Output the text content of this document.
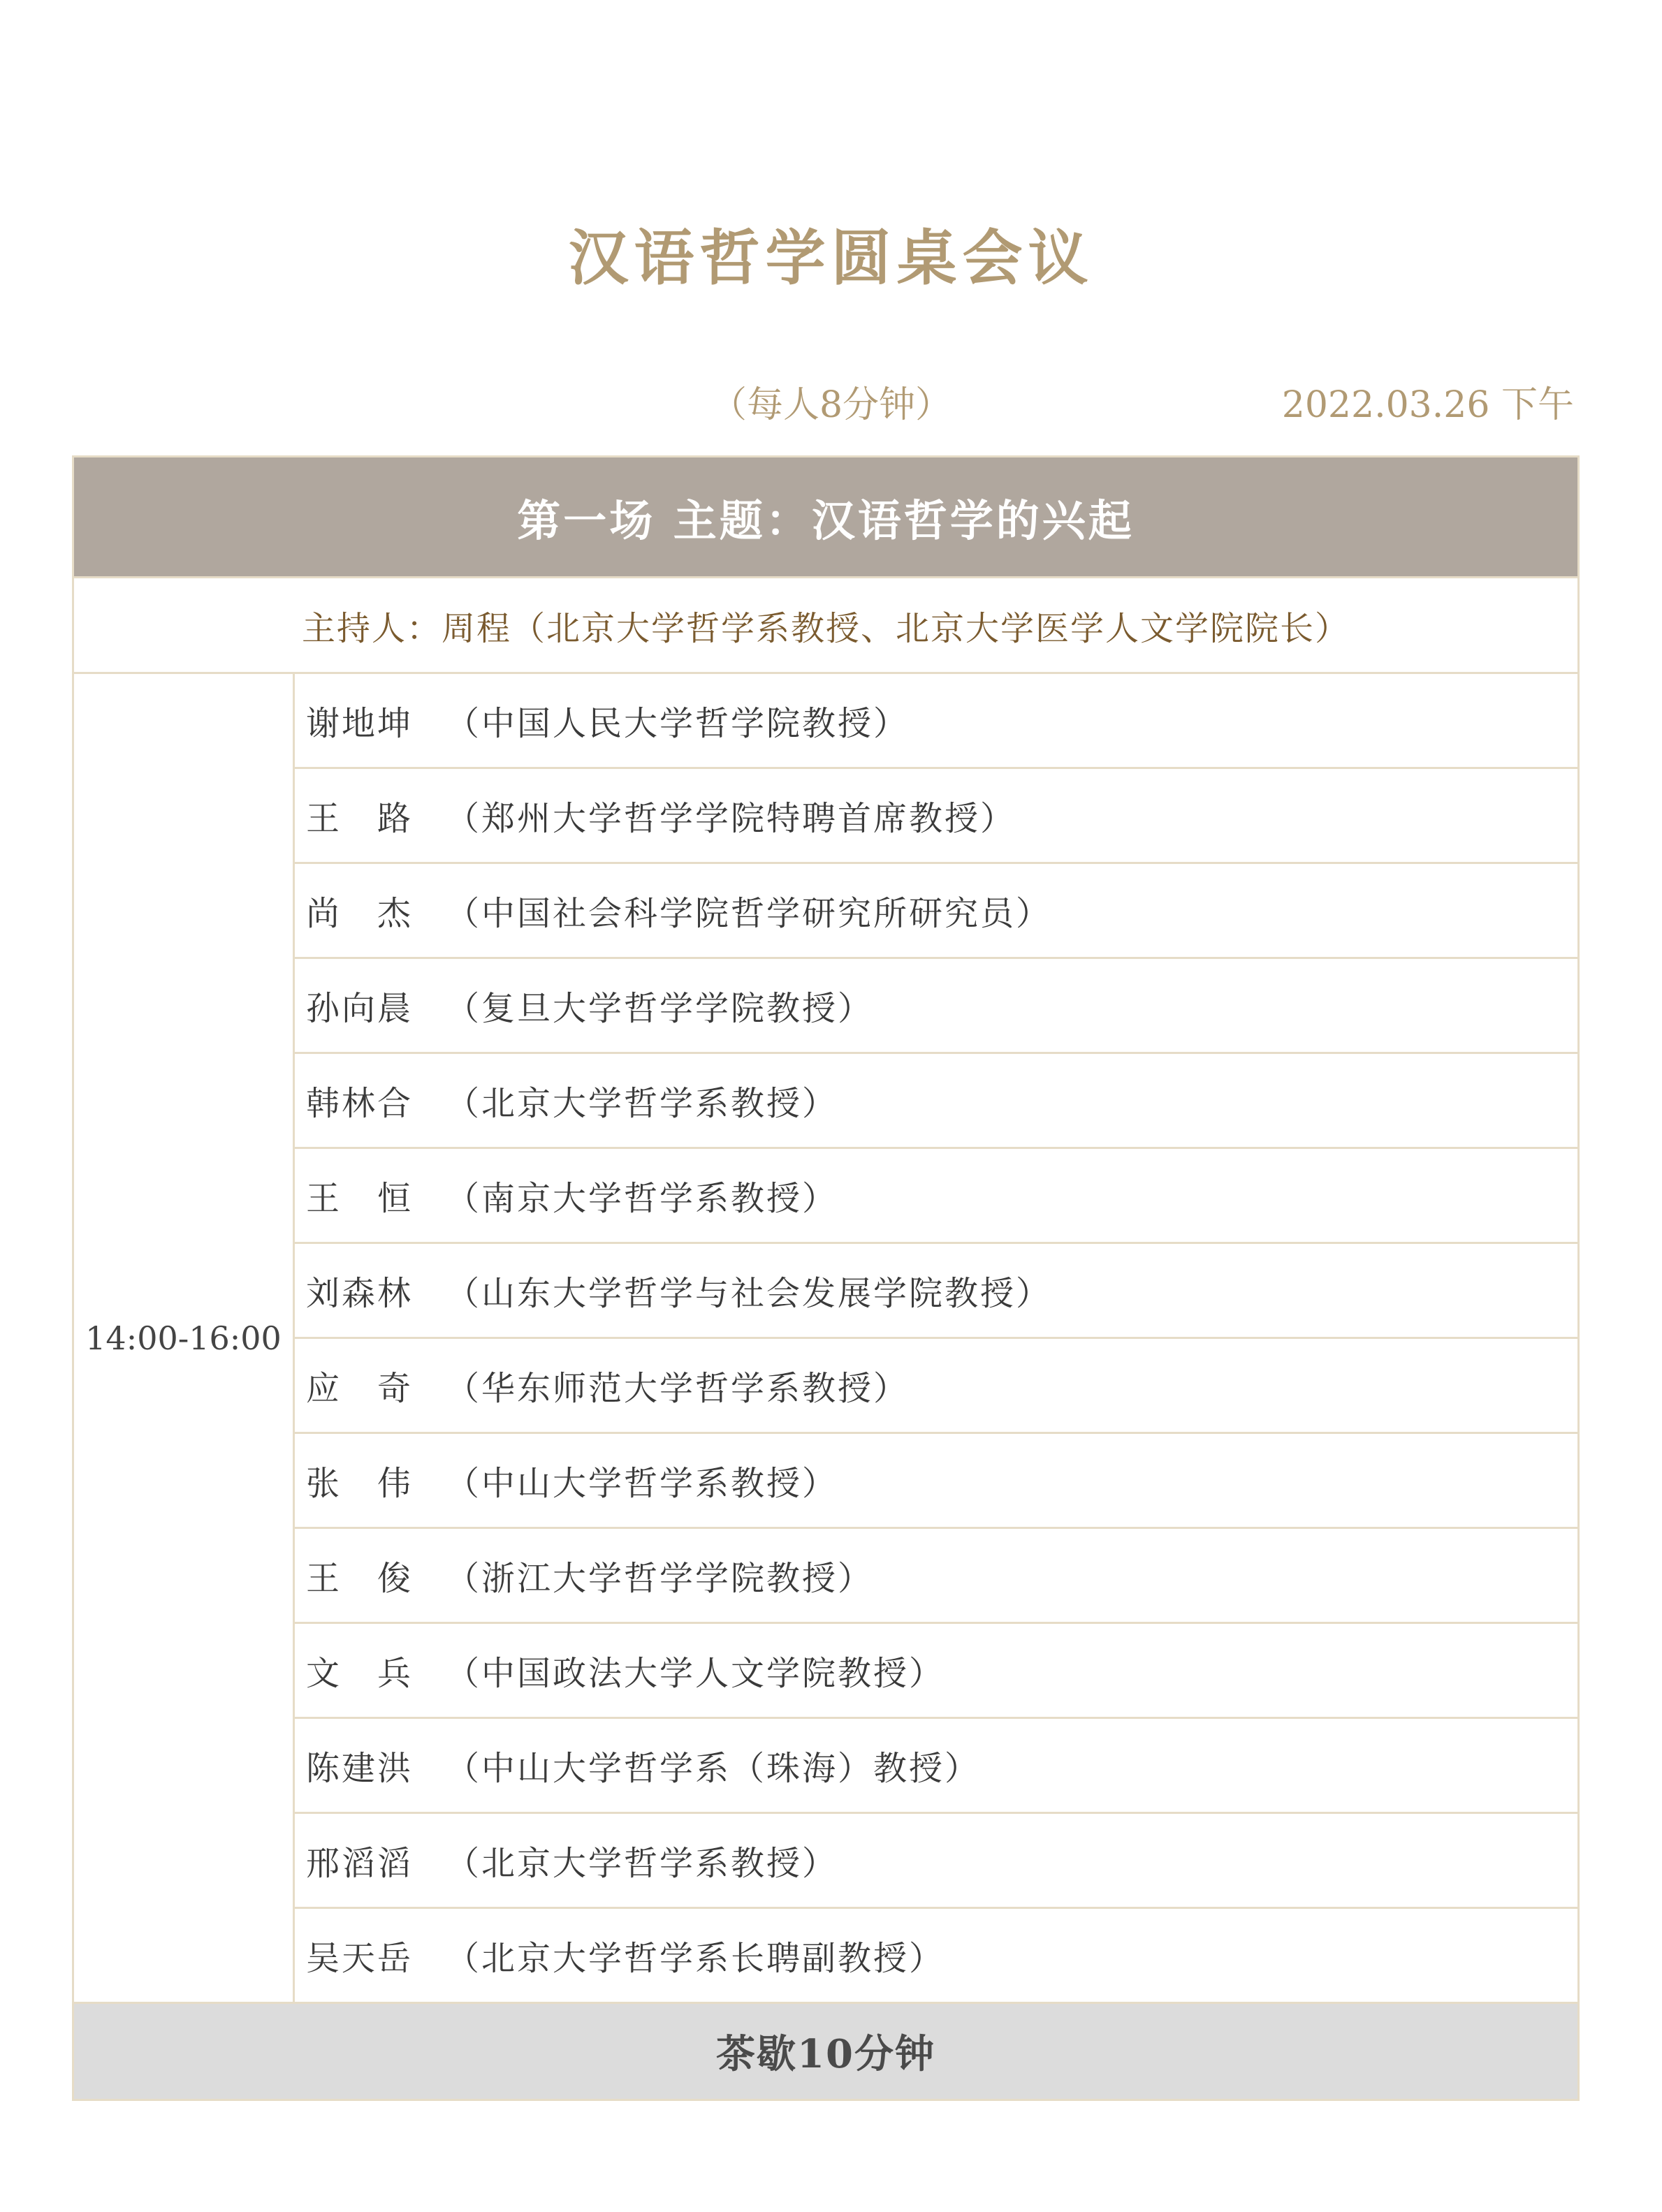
汉语哲学圆桌会议
（每人8分钟）	2022.03.26 下午
第一场 主题：汉语哲学的兴起
主持人：周程（北京大学哲学系教授、北京大学医学人文学院院长）
14:00-16:00	谢地坤 （中国人民大学哲学院教授）
王　路 （郑州大学哲学学院特聘首席教授）
尚　杰 （中国社会科学院哲学研究所研究员）
孙向晨 （复旦大学哲学学院教授）
韩林合 （北京大学哲学系教授）
王　恒 （南京大学哲学系教授）
刘森林 （山东大学哲学与社会发展学院教授）
应　奇 （华东师范大学哲学系教授）
张　伟 （中山大学哲学系教授）
王　俊 （浙江大学哲学学院教授）
文　兵 （中国政法大学人文学院教授）
陈建洪 （中山大学哲学系（珠海）教授）
邢滔滔 （北京大学哲学系教授）
吴天岳 （北京大学哲学系长聘副教授）
茶歇10分钟
